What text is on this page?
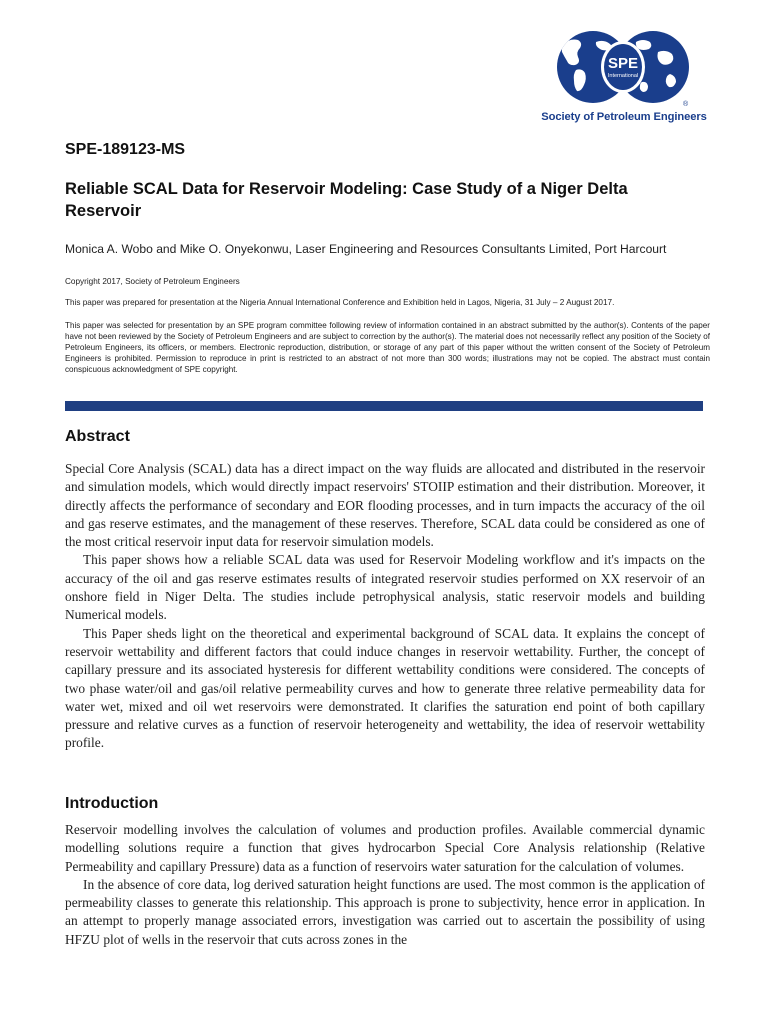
SPE
International
®
Society of Petroleum Engineers
SPE-189123-MS
Reliable SCAL Data for Reservoir Modeling: Case Study of a Niger Delta Reservoir
Monica A. Wobo and Mike O. Onyekonwu, Laser Engineering and Resources Consultants Limited, Port Harcourt
Copyright 2017, Society of Petroleum Engineers
This paper was prepared for presentation at the Nigeria Annual International Conference and Exhibition held in Lagos, Nigeria, 31 July – 2 August 2017.
This paper was selected for presentation by an SPE program committee following review of information contained in an abstract submitted by the author(s). Contents of the paper have not been reviewed by the Society of Petroleum Engineers and are subject to correction by the author(s). The material does not necessarily reflect any position of the Society of Petroleum Engineers, its officers, or members. Electronic reproduction, distribution, or storage of any part of this paper without the written consent of the Society of Petroleum Engineers is prohibited. Permission to reproduce in print is restricted to an abstract of not more than 300 words; illustrations may not be copied. The abstract must contain conspicuous acknowledgment of SPE copyright.
Abstract

Special Core Analysis (SCAL) data has a direct impact on the way fluids are allocated and distributed in the reservoir and simulation models, which would directly impact reservoirs' STOIIP estimation and their distribution. Moreover, it directly affects the performance of secondary and EOR flooding processes, and in turn impacts the accuracy of the oil and gas reserve estimates, and the management of these reserves. Therefore, SCAL data could be considered as one of the most critical reservoir input data for reservoir simulation models.

This paper shows how a reliable SCAL data was used for Reservoir Modeling workflow and it's impacts on the accuracy of the oil and gas reserve estimates results of integrated reservoir studies performed on XX reservoir of an onshore field in Niger Delta. The studies include petrophysical analysis, static reservoir models and building Numerical models.

This Paper sheds light on the theoretical and experimental background of SCAL data. It explains the concept of reservoir wettability and different factors that could induce changes in reservoir wettability. Further, the concept of capillary pressure and its associated hysteresis for different wettability conditions were considered. The concepts of two phase water/oil and gas/oil relative permeability curves and how to generate three relative permeability data for water wet, mixed and oil wet reservoirs were demonstrated. It clarifies the saturation end point of both capillary pressure and relative curves as a function of reservoir heterogeneity and wettability, the idea of reservoir wettability profile.

Introduction

Reservoir modelling involves the calculation of volumes and production profiles. Available commercial dynamic modelling solutions require a function that gives hydrocarbon Special Core Analysis relationship (Relative Permeability and capillary Pressure) data as a function of reservoirs water saturation for the calculation of volumes.

In the absence of core data, log derived saturation height functions are used. The most common is the application of permeability classes to generate this relationship. This approach is prone to subjectivity, hence error in application. In an attempt to properly manage associated errors, investigation was carried out to ascertain the possibility of using HFZU plot of wells in the reservoir that cuts across zones in the
